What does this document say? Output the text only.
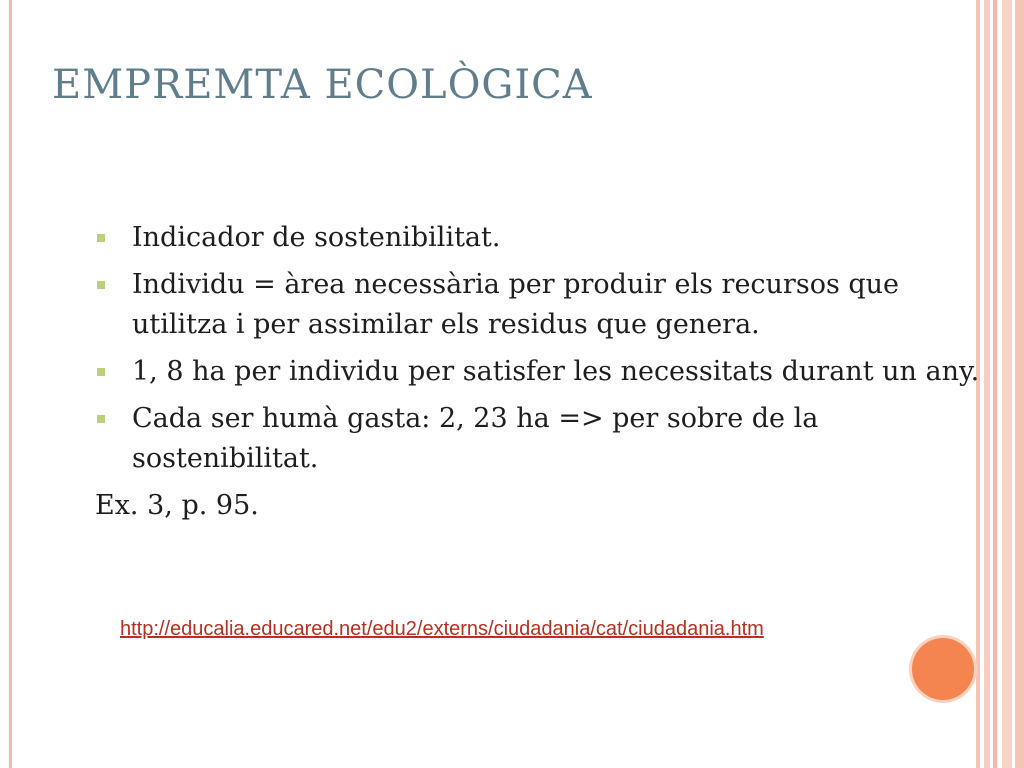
EMPREMTA ECOLÒGICA
Indicador de sostenibilitat.
Individu = àrea necessària per produir els recursos que utilitza i per assimilar els residus que genera.
1, 8 ha per individu per satisfer les necessitats durant un any.
Cada ser humà gasta: 2, 23 ha => per sobre de la sostenibilitat.
Ex. 3, p. 95.
http://educalia.educared.net/edu2/externs/ciudadania/cat/ciudadania.htm
